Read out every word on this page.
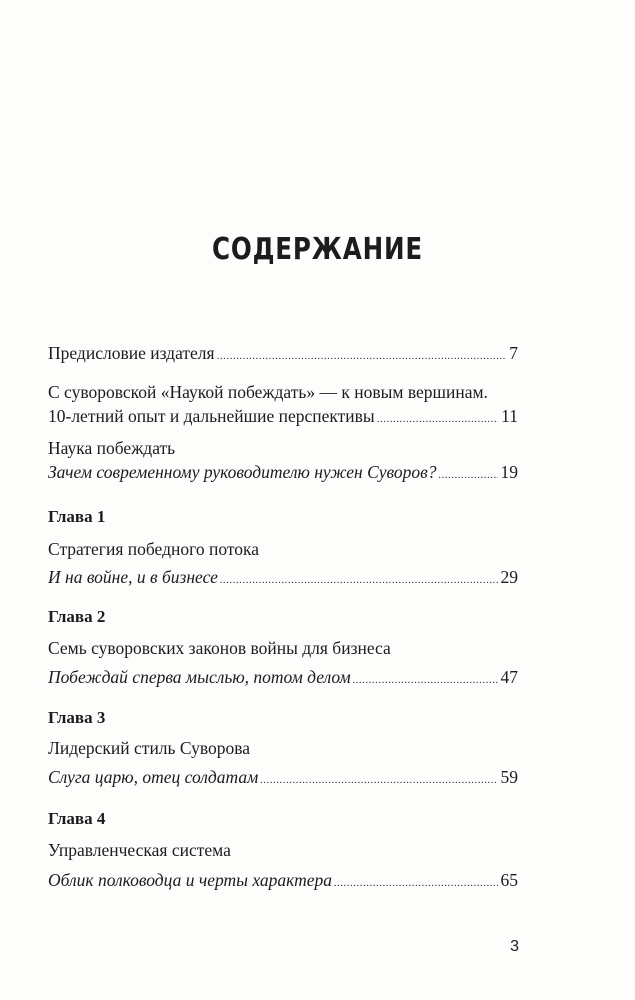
СОДЕРЖАНИЕ
Предисловие издателя .....	7
С суворовской «Наукой побеждать» — к новым вершинам.
10-летний опыт и дальнейшие перспективы .....	11
Наука побеждать
Зачем современному руководителю нужен Суворов? .....	19
Глава 1
Стратегия победного потока
И на войне, и в бизнесе .....	29
Глава 2
Семь суворовских законов войны для бизнеса
Побеждай сперва мыслью, потом делом .....	47
Глава 3
Лидерский стиль Суворова
Слуга царю, отец солдатам .....	59
Глава 4
Управленческая система
Облик полководца и черты характера .....	65
3
